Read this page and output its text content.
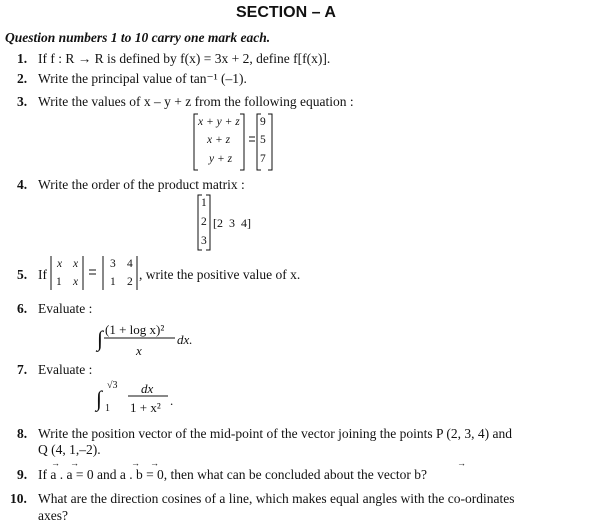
SECTION – A
Question numbers 1 to 10 carry one mark each.
1. If f : R → R is defined by f(x) = 3x + 2, define f[f(x)].
2. Write the principal value of tan⁻¹ (–1).
3. Write the values of x – y + z from the following equation :
x + y + z
x + z
y + z
9
5
7
4. Write the order of the product matrix :
1
2
3
[2  3  4]
5. If
x x
1 x
3 4
1 2 , write the positive value of x.
6. Evaluate :
∫ (1 + log x)²
x
dx.
7. Evaluate :
∫
√3
1
dx
1 + x² .
8. Write the position vector of the mid-point of the vector joining the points P (2, 3, 4) and
Q (4, 1,–2).
9. If a . a = 0 and a . b = 0, then what can be concluded about the vector b?
→ →	→ →	→
10. What are the direction cosines of a line, which makes equal angles with the co-ordinates
axes?
